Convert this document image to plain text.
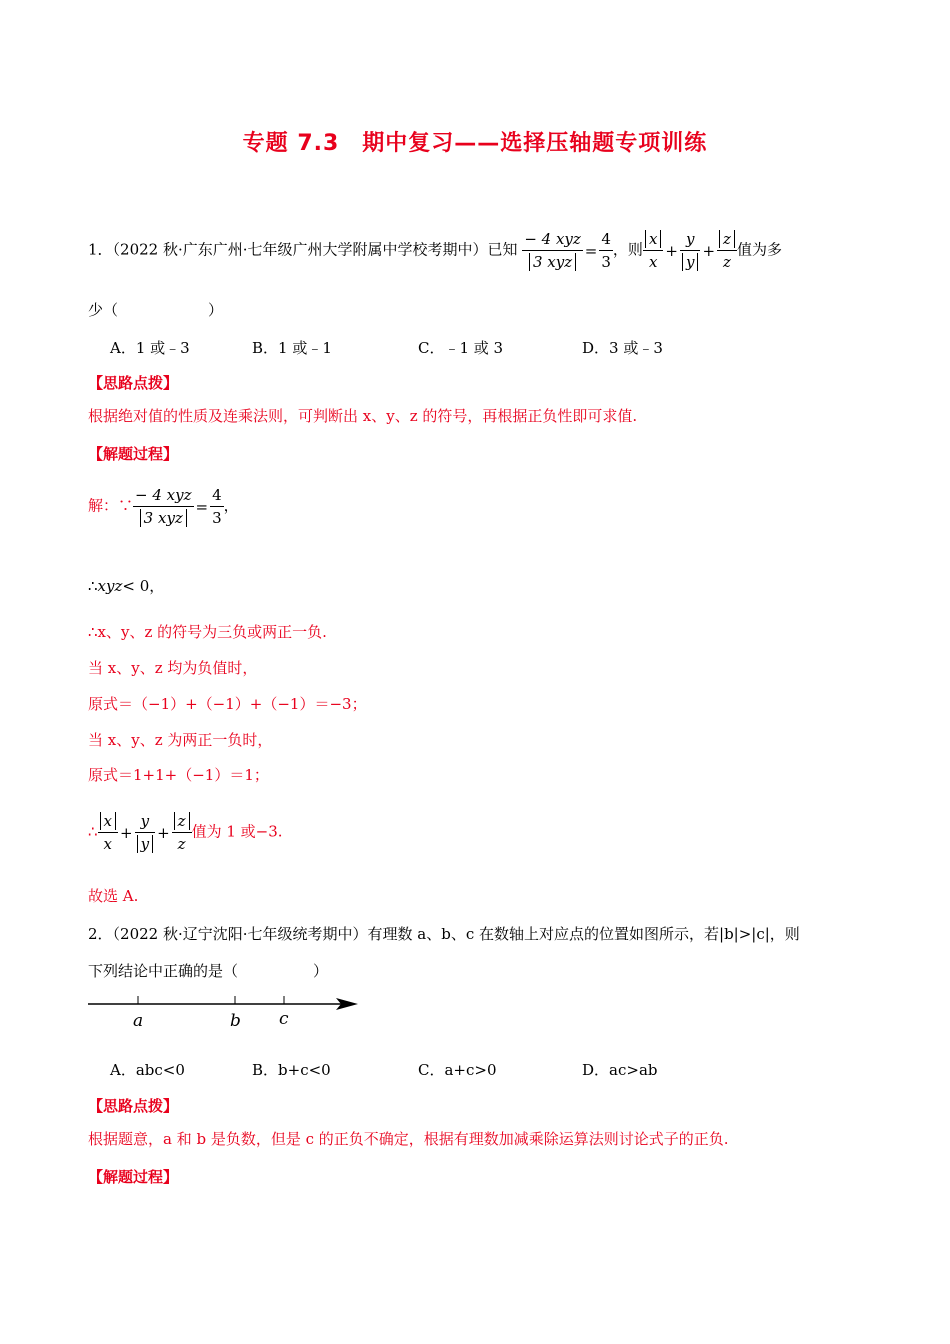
专题 7.3　期中复习——选择压轴题专项训练
1．（2022 秋·广东广州·七年级广州大学附属中学校考期中）已知 $\frac{\text{− 4 xyz}}{\text{3 xyz}} = \frac{4}{3}$ ，则 $\frac{x}{x} + \frac{y}{y} + \frac{z}{z}$ 值为多
少（　　　　　　）
A．1 或﹣3	B．1 或﹣1	C．﹣1 或 3	D．3 或﹣3
【思路点拨】
根据绝对值的性质及连乘法则，可判断出 x、y、z 的符号，再根据正负性即可求值.
【解题过程】
解：∵ $\frac{\text{− 4 xyz}}{\text{3 xyz}} = \frac{4}{3}$ ，
∴xyz< 0，
∴x、y、z 的符号为三负或两正一负.
当 x、y、z 均为负值时，
原式＝（−1）+（−1）+（−1）＝−3；
当 x、y、z 为两正一负时，
原式＝1+1+（−1）＝1；
∴ $\frac{x}{x} + \frac{y}{y} + \frac{z}{z}$ 值为 1 或−3.
故选 A.
2．（2022 秋·辽宁沈阳·七年级统考期中）有理数 a、b、c 在数轴上对应点的位置如图所示，若|b|>|c|，则
下列结论中正确的是（　　　　　）
a	b c
A．abc<0	B．b+c<0	C．a+c>0	D．ac>ab
【思路点拨】
根据题意，a 和 b 是负数，但是 c 的正负不确定，根据有理数加减乘除运算法则讨论式子的正负.
【解题过程】
